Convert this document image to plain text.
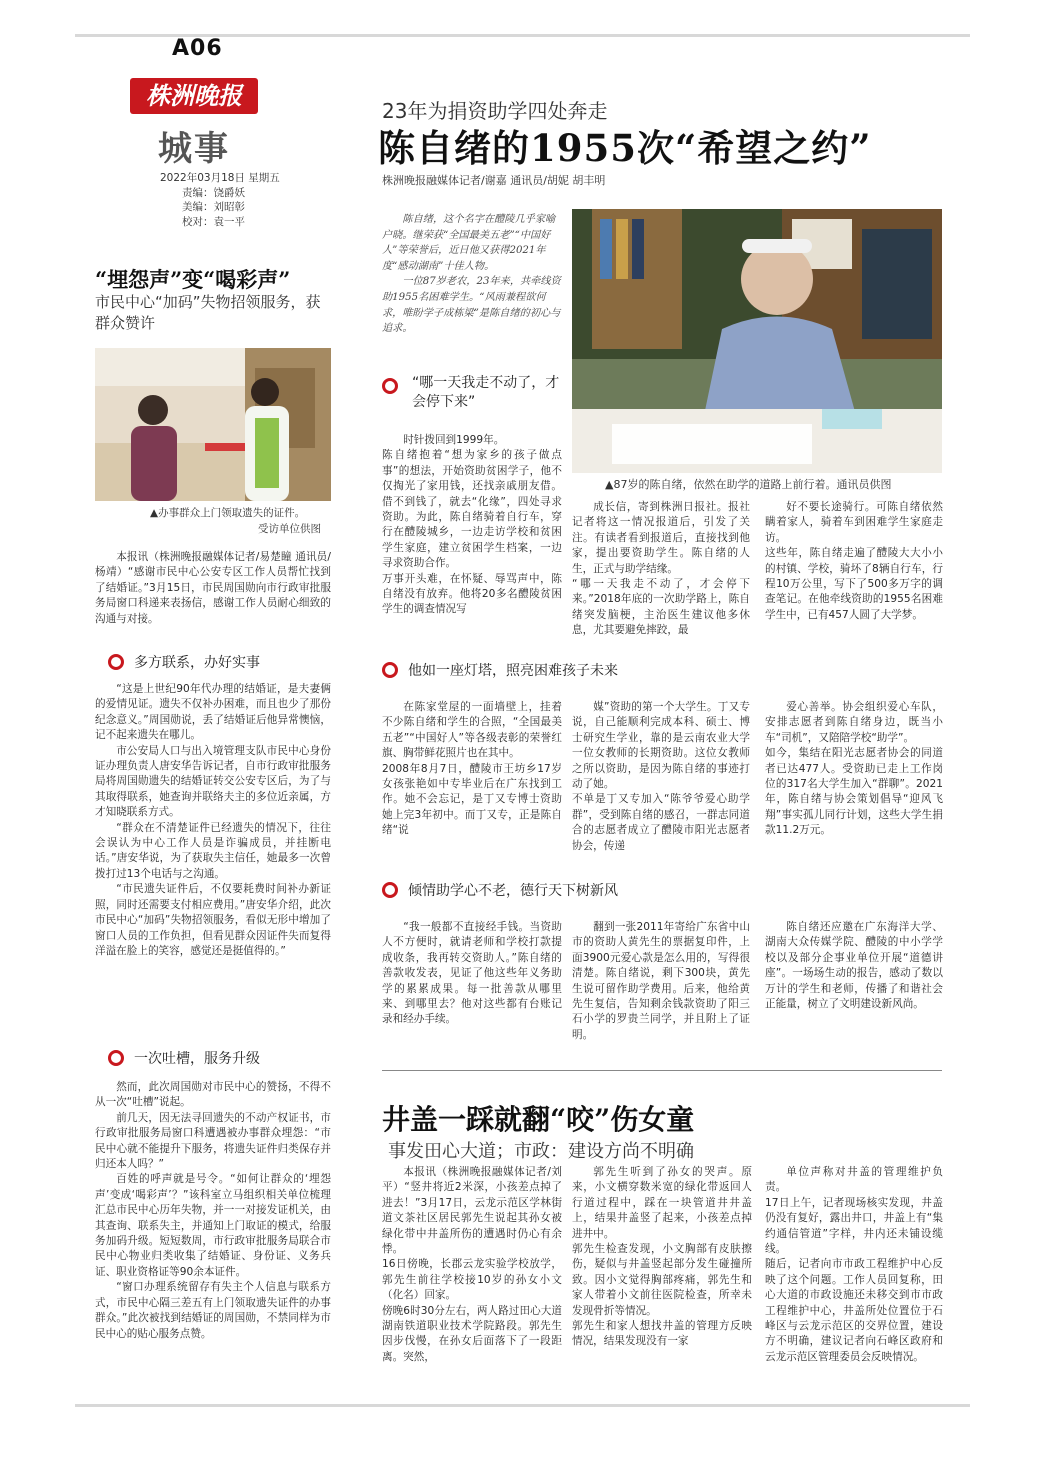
A06
株洲晚报
城事
2022年03月18日 星期五
责编：饶爵妖
美编：刘昭彰
校对：袁一平
“埋怨声”变“喝彩声”
市民中心“加码”失物招领服务，获群众赞许
▲办事群众上门领取遗失的证件。
受访单位供图

本报讯（株洲晚报融媒体记者/易楚瞳 通讯员/杨靖）“感谢市民中心公安专区工作人员帮忙找到了结婚证。”3月15日，市民周国勋向市行政审批服务局窗口科递来表扬信，感谢工作人员耐心细致的沟通与对接。

多方联系，办好实事

“这是上世纪90年代办理的结婚证，是夫妻俩的爱情见证。遗失不仅补办困难，而且也少了那份纪念意义。”周国勋说，丢了结婚证后他异常懊恼，记不起来遗失在哪儿。

市公安局人口与出入境管理支队市民中心身份证办理负责人唐安华告诉记者，自市行政审批服务局将周国勋遗失的结婚证转交公安专区后，为了与其取得联系，她查询并联络夫主的多位近亲属，方才知晓联系方式。

“群众在不清楚证件已经遗失的情况下，往往会误认为中心工作人员是诈骗成员，并挂断电话。”唐安华说，为了获取失主信任，她最多一次曾拨打过13个电话与之沟通。

“市民遗失证件后，不仅要耗费时间补办新证照，同时还需要支付相应费用。”唐安华介绍，此次市民中心“加码”失物招领服务，看似无形中增加了窗口人员的工作负担，但看见群众因证件失而复得洋溢在脸上的笑容，感觉还是挺值得的。”

一次吐槽，服务升级

然而，此次周国勋对市民中心的赞扬，不得不从一次“吐槽”说起。

前几天，因无法寻回遗失的不动产权证书，市行政审批服务局窗口科遭遇被办事群众埋怨：“市民中心就不能提升下服务，将遗失证件归类保存并归还本人吗？”

百姓的呼声就是号令。“如何让群众的‘埋怨声’变成‘喝彩声’？”该科室立马组织相关单位梳理汇总市民中心历年失物，并一一对接发证机关，由其查询、联系失主，并通知上门取证的模式，给服务加码升级。短短数周，市行政审批服务局联合市民中心物业归类收集了结婚证、身份证、义务兵证、职业资格证等90余本证件。

“窗口办理系统留存有失主个人信息与联系方式，市民中心隔三差五有上门领取遗失证件的办事群众。”此次被找到结婚证的周国勋，不禁同样为市民中心的贴心服务点赞。

23年为捐资助学四处奔走
陈自绪的1955次“希望之约”
株洲晚报融媒体记者/谢嘉 通讯员/胡妮 胡丰明

陈自绪，这个名字在醴陵几乎家喻户晓。继荣获“全国最美五老”“中国好人”等荣誉后，近日他又获得2021年度“感动湖南”十佳人物。

一位87岁老农，23年来，共牵线资助1955名困难学生。“风雨兼程欲何求，唯盼学子成栋梁”是陈自绪的初心与追求。

▲87岁的陈自绪，依然在助学的道路上前行着。通讯员供图
“哪一天我走不动了，才会停下来”
时针拨回到1999年。
陈自绪抱着“想为家乡的孩子做点事”的想法，开始资助贫困学子，他不仅掏光了家用钱，还找亲戚朋友借。借不到钱了，就去“化缘”，四处寻求资助。为此，陈自绪骑着自行车，穿行在醴陵城乡，一边走访学校和贫困学生家庭，建立贫困学生档案，一边寻求资助合作。
万事开头难，在怀疑、辱骂声中，陈自绪没有放弃。他将20多名醴陵贫困学生的调查情况写
成长信，寄到株洲日报社。报社记者将这一情况报道后，引发了关注。有读者看到报道后，直接找到他家，提出要资助学生。陈自绪的人生，正式与助学结缘。
“哪一天我走不动了，才会停下来。”2018年底的一次助学路上，陈自绪突发脑梗，主治医生建议他多休息，尤其要避免摔跤，最
好不要长途骑行。可陈自绪依然瞒着家人，骑着车到困难学生家庭走访。
这些年，陈自绪走遍了醴陵大大小小的村镇、学校，骑坏了8辆自行车，行程10万公里，写下了500多万字的调查笔记。在他牵线资助的1955名困难学生中，已有457人圆了大学梦。
他如一座灯塔，照亮困难孩子未来
在陈家堂屋的一面墙壁上，挂着不少陈自绪和学生的合照，“全国最美五老”“中国好人”等各级表彰的荣誉红旗、胸带鲜花照片也在其中。
2008年8月7日，醴陵市王坊乡17岁女孩张艳如中专毕业后在广东找到工作。她不会忘记，是丁又专博士资助她上完3年初中。而丁又专，正是陈自绪“说
媒”资助的第一个大学生。丁又专说，自己能顺利完成本科、硕士、博士研究生学业，靠的是云南农业大学一位女教师的长期资助。这位女教师之所以资助，是因为陈自绪的事迹打动了她。
不单是丁又专加入“陈爷爷爱心助学群”，受到陈自绪的感召，一群志同道合的志愿者成立了醴陵市阳光志愿者协会，传递
爱心善举。协会组织爱心车队，安排志愿者到陈自绪身边，既当小车“司机”，又陪陪学校“助学”。
如今，集结在阳光志愿者协会的同道者已达477人。受资助已走上工作岗位的317名大学生加入“群聊”。2021年，陈自绪与协会策划倡导“迎风飞翔”事实孤儿同行计划，这些大学生捐款11.2万元。
倾情助学心不老，德行天下树新风
“我一般都不直接经手钱。当资助人不方便时，就请老师和学校打款提成收条，我再转交资助人。”陈自绪的善款收发表，见证了他这些年义务助学的累累成果。每一批善款从哪里来、到哪里去？他对这些都有台账记录和经办手续。
翻到一张2011年寄给广东省中山市的资助人黄先生的票据复印件，上面3900元爱心款是怎么用的，写得很清楚。陈自绪说，剩下300块，黄先生说可留作助学费用。后来，他给黄先生复信，告知剩余钱款资助了阳三石小学的罗贵兰同学，并且附上了证明。
陈自绪还应邀在广东海洋大学、湖南大众传媒学院、醴陵的中小学学校以及部分企事业单位开展“道德讲座”。一场场生动的报告，感动了数以万计的学生和老师，传播了和谐社会正能量，树立了文明建设新风尚。
井盖一踩就翻“咬”伤女童
事发田心大道；市政：建设方尚不明确
本报讯（株洲晚报融媒体记者/刘平）“竖井将近2米深，小孩差点掉了进去！”3月17日，云龙示范区学林街道文茶社区居民郭先生说起其孙女被绿化带中井盖所伤的遭遇时仍心有余悸。
16日傍晚，长郡云龙实验学校放学，郭先生前往学校接10岁的孙女小文（化名）回家。
傍晚6时30分左右，两人路过田心大道湖南铁道职业技术学院路段。郭先生因步伐慢，在孙女后面落下了一段距离。突然，
郭先生听到了孙女的哭声。原来，小文横穿数米宽的绿化带返回人行道过程中，踩在一块管道井井盖上，结果井盖竖了起来，小孩差点掉进井中。
郭先生检查发现，小文胸部有皮肤擦伤，疑似与井盖竖起部分发生碰撞所致。因小文觉得胸部疼痛，郭先生和家人带着小文前往医院检查，所幸未发现骨折等情况。
郭先生和家人想找井盖的管理方反映情况，结果发现没有一家
单位声称对井盖的管理维护负责。
17日上午，记者现场核实发现，井盖仍没有复好，露出井口，井盖上有“集约通信管道”字样，井内还未铺设缆线。
随后，记者向市市政工程维护中心反映了这个问题。工作人员回复称，田心大道的市政设施还未移交到市市政工程维护中心，井盖所处位置位于石峰区与云龙示范区的交界位置，建设方不明确，建议记者向石峰区政府和云龙示范区管理委员会反映情况。
